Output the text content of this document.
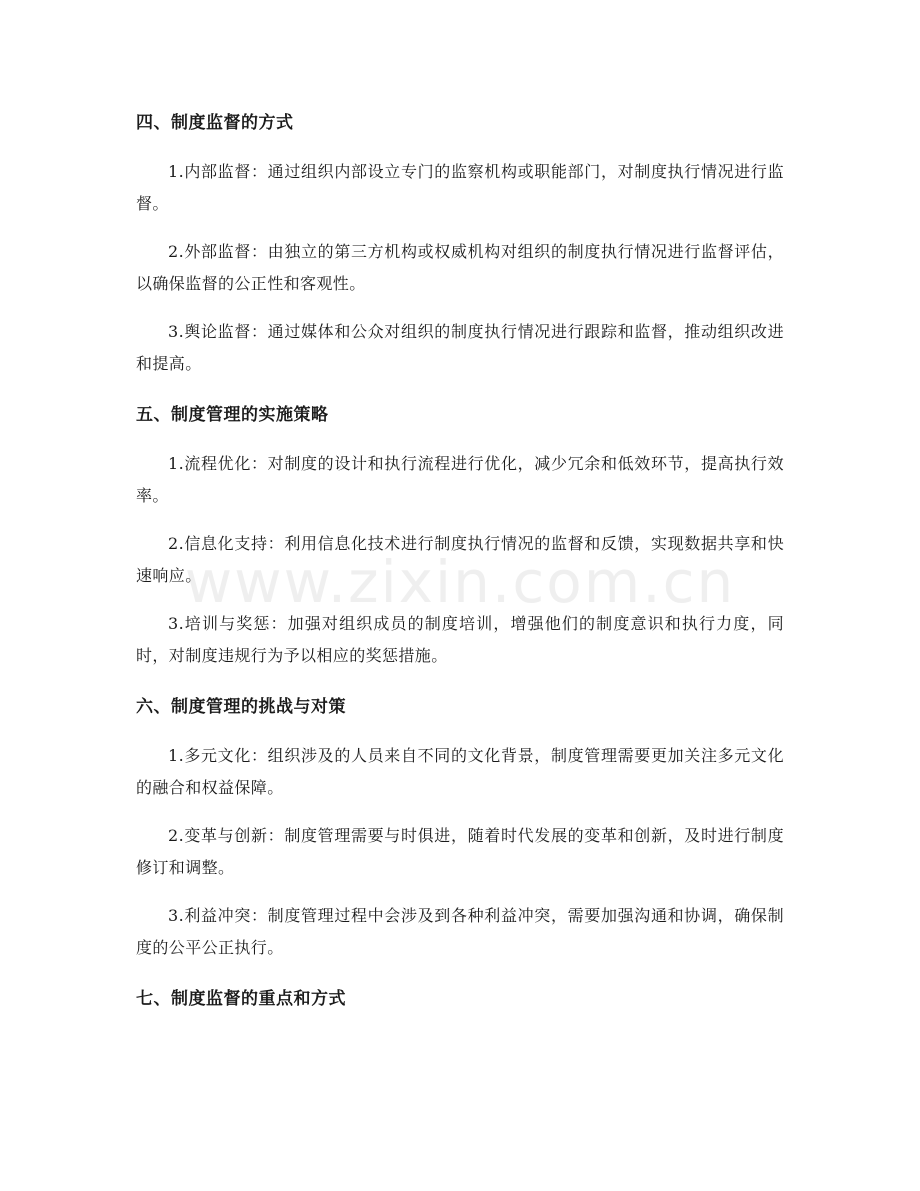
四、制度监督的方式

1.内部监督：通过组织内部设立专门的监察机构或职能部门，对制度执行情况进行监督。

2.外部监督：由独立的第三方机构或权威机构对组织的制度执行情况进行监督评估，以确保监督的公正性和客观性。

3.舆论监督：通过媒体和公众对组织的制度执行情况进行跟踪和监督，推动组织改进和提高。

五、制度管理的实施策略

1.流程优化：对制度的设计和执行流程进行优化，减少冗余和低效环节，提高执行效率。

2.信息化支持：利用信息化技术进行制度执行情况的监督和反馈，实现数据共享和快速响应。

3.培训与奖惩：加强对组织成员的制度培训，增强他们的制度意识和执行力度，同时，对制度违规行为予以相应的奖惩措施。

六、制度管理的挑战与对策

1.多元文化：组织涉及的人员来自不同的文化背景，制度管理需要更加关注多元文化的融合和权益保障。

2.变革与创新：制度管理需要与时俱进，随着时代发展的变革和创新，及时进行制度修订和调整。

3.利益冲突：制度管理过程中会涉及到各种利益冲突，需要加强沟通和协调，确保制度的公平公正执行。

七、制度监督的重点和方式
www.zixin.com.cn
